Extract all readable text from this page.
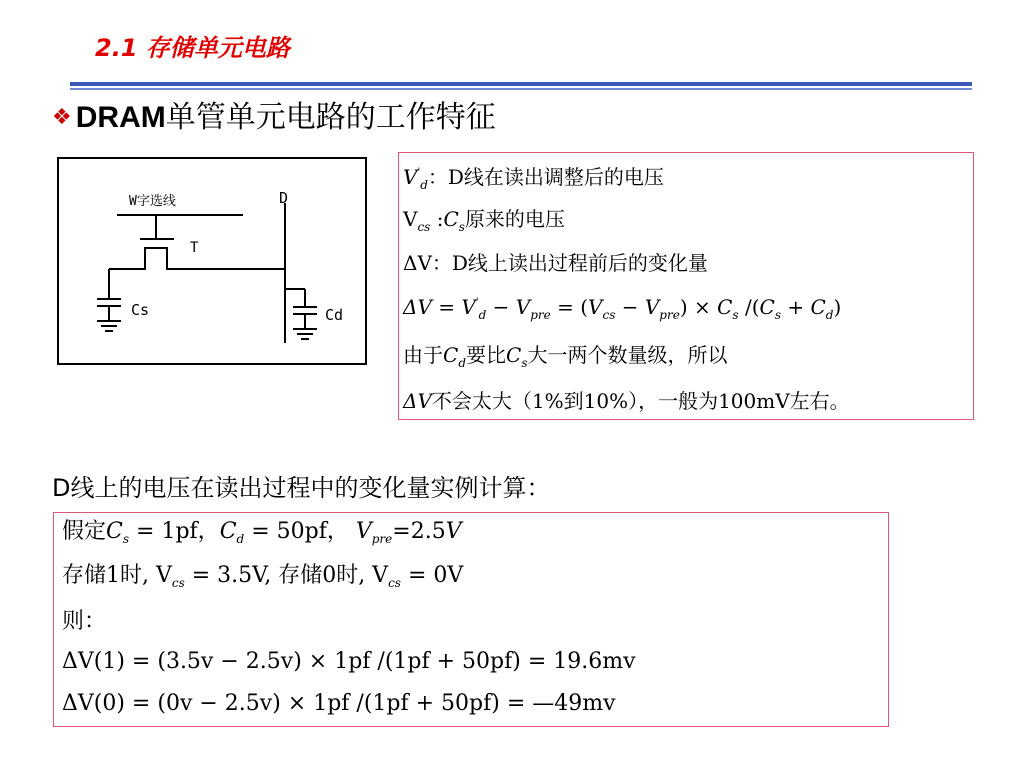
2.1 存储单元电路
❖ DRAM单管单元电路的工作特征
W字选线	D
T
Cs	Cd
$V'_d$：D线在读出调整后的电压
$V_{cs}$ $:C_s$原来的电压
ΔV：D线上读出过程前后的变化量
$\Delta V = V'_d - V_{pre} = (V_{cs} - V_{pre}) \times C_s$ $/(C_s + C_d)$
由于$C_d$要比$C_s$大一两个数量级，所以
ΔV不会太大（1%到10%），一般为100mV左右。
D线上的电压在读出过程中的变化量实例计算：
假定$C_s = 1pf$，$C_d = 50pf$， $V_{pre}=2.5V$
存储1时, $V_{cs} = 3.5V$, 存储0时, $V_{cs} = 0V$
则：
ΔV(1) = (3.5v − 2.5v) × 1pf /(1pf + 50pf) = 19.6mv
ΔV(0) = (0v − 2.5v) × 1pf /(1pf + 50pf) = —49mv
